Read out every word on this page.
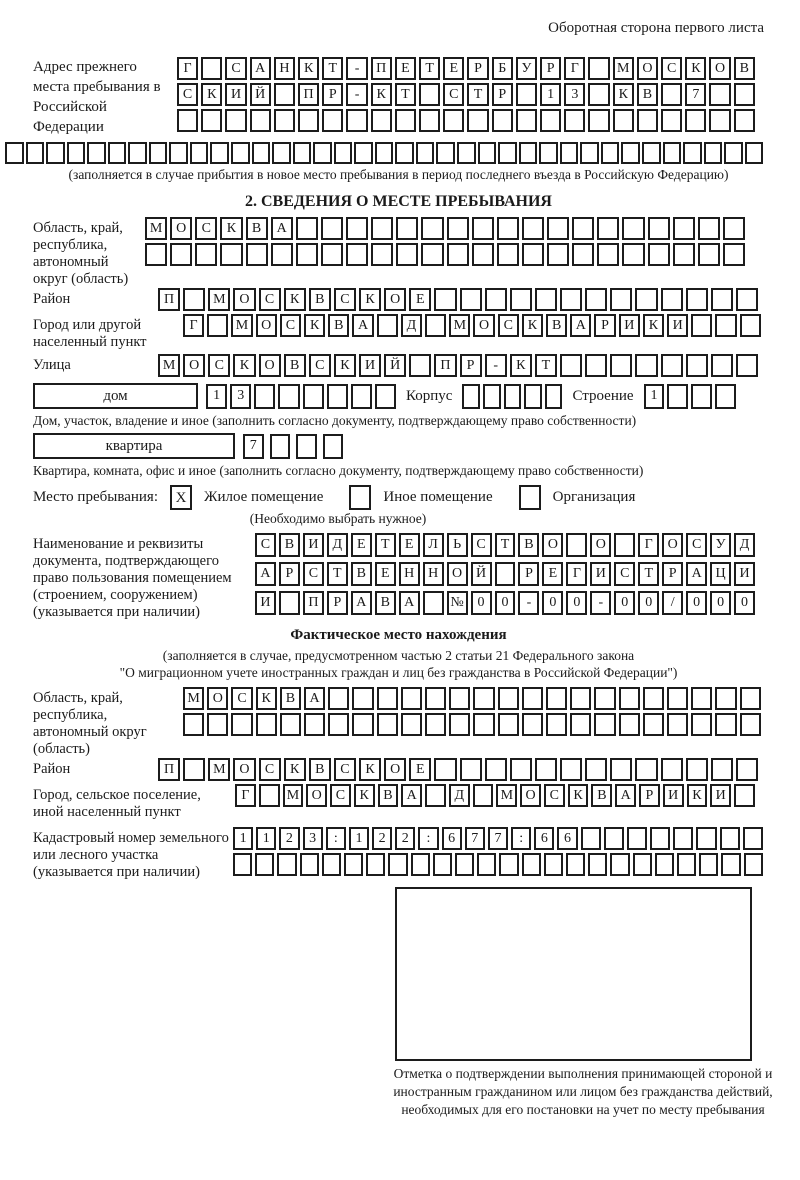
Оборотная сторона первого листа
Адрес прежнего места пребывания в Российской Федерации
Г	С	А	Н	К	Т	-	П	Е	Т	Е	Р	Б	У	Р	Г	М О	С	К	О	В
С	К	И	Й	П	Р	-	К	Т	С	Т	Р	1	3	К	В	7
(заполняется в случае прибытия в новое место пребывания в период последнего въезда в Российскую Федерацию)
2. СВЕДЕНИЯ О МЕСТЕ ПРЕБЫВАНИЯ
Область, край, республика, автономный округ (область)
М О	С	К	В	А
Район	П	М О	С	К	В	С	К	О	Е
Город или другой населенный пункт
Г	М О	С	К	В	А	Д	М О	С	К	В	А	Р	И	К	И
Улица	М О	С	К	О	В	С	К	И	Й	П	Р	-	К	Т
дом	1	3	Корпус	Строение	1
Дом, участок, владение и иное (заполнить согласно документу, подтверждающему право собственности)
квартира	7
Квартира, комната, офис и иное (заполнить согласно документу, подтверждающему право собственности)
Место пребывания:	X	Жилое помещение	Иное помещение	Организация
(Необходимо выбрать нужное)
Наименование и реквизиты документа, подтверждающего право пользования помещением (строением, сооружением) (указывается при наличии)
С	В	И	Д	Е	Т	Е	Л	Ь	С	Т	В	О	О	Г	О	С	У	Д
А	Р	С	Т	В	Е	Н Н О Й	Р	Е	Г	И	С	Т	Р	А Ц И
И	П	Р	А	В	А	№ 0	0	-	0	0	-	0	0	/	0	0	0
Фактическое место нахождения
(заполняется в случае, предусмотренном частью 2 статьи 21 Федерального закона
"О миграционном учете иностранных граждан и лиц без гражданства в Российской Федерации")
Область, край, республика, автономный округ (область)
М О	С	К	В	А
Район	П	М О	С	К	В	С	К	О	Е
Город, сельское поселение, иной населенный пункт
Г	М О	С	К	В	А	Д	М О	С	К	В	А	Р	И	К	И
Кадастровый номер земельного или лесного участка (указывается при наличии)
1	1	2	3	:	1	2	2	:	6	7	7	:	6	6
Отметка о подтверждении выполнения принимающей стороной и иностранным гражданином или лицом без гражданства действий, необходимых для его постановки на учет по месту пребывания
